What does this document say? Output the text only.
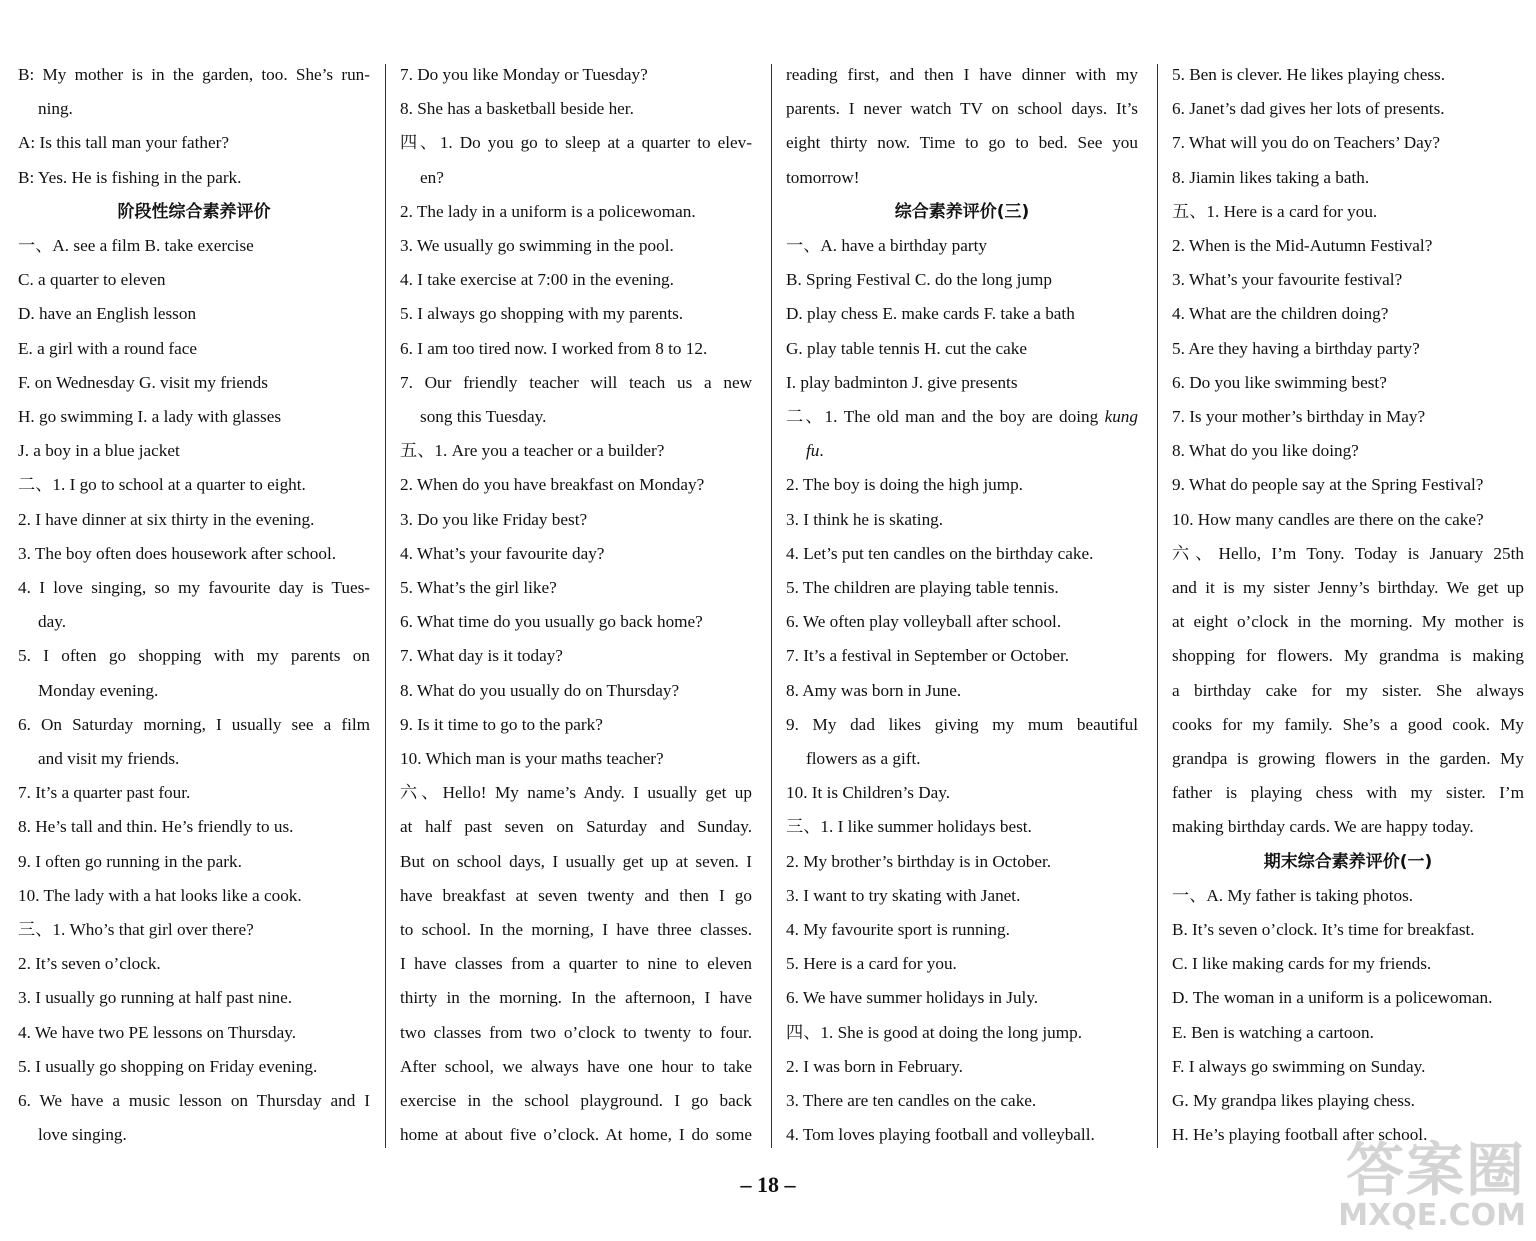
B: My mother is in the garden, too. She’s run-

ning.

A: Is this tall man your father?

B: Yes. He is fishing in the park.

阶段性综合素养评价

一、A. see a film B. take exercise

C. a quarter to eleven

D. have an English lesson

E. a girl with a round face

F. on Wednesday G. visit my friends

H. go swimming I. a lady with glasses

J. a boy in a blue jacket

二、1. I go to school at a quarter to eight.

2. I have dinner at six thirty in the evening.

3. The boy often does housework after school.

4. I love singing, so my favourite day is Tues-

day.

5. I often go shopping with my parents on

Monday evening.

6. On Saturday morning, I usually see a film

and visit my friends.

7. It’s a quarter past four.

8. He’s tall and thin. He’s friendly to us.

9. I often go running in the park.

10. The lady with a hat looks like a cook.

三、1. Who’s that girl over there?

2. It’s seven o’clock.

3. I usually go running at half past nine.

4. We have two PE lessons on Thursday.

5. I usually go shopping on Friday evening.

6. We have a music lesson on Thursday and I

love singing.

7. Do you like Monday or Tuesday?

8. She has a basketball beside her.

四、1. Do you go to sleep at a quarter to elev-

en?

2. The lady in a uniform is a policewoman.

3. We usually go swimming in the pool.

4. I take exercise at 7:00 in the evening.

5. I always go shopping with my parents.

6. I am too tired now. I worked from 8 to 12.

7. Our friendly teacher will teach us a new

song this Tuesday.

五、1. Are you a teacher or a builder?

2. When do you have breakfast on Monday?

3. Do you like Friday best?

4. What’s your favourite day?

5. What’s the girl like?

6. What time do you usually go back home?

7. What day is it today?

8. What do you usually do on Thursday?

9. Is it time to go to the park?

10. Which man is your maths teacher?

六、Hello! My name’s Andy. I usually get up

at half past seven on Saturday and Sunday.

But on school days, I usually get up at seven. I

have breakfast at seven twenty and then I go

to school. In the morning, I have three classes.

I have classes from a quarter to nine to eleven

thirty in the morning. In the afternoon, I have

two classes from two o’clock to twenty to four.

After school, we always have one hour to take

exercise in the school playground. I go back

home at about five o’clock. At home, I do some

reading first, and then I have dinner with my

parents. I never watch TV on school days. It’s

eight thirty now. Time to go to bed. See you

tomorrow!

综合素养评价(三)

一、A. have a birthday party

B. Spring Festival C. do the long jump

D. play chess E. make cards F. take a bath

G. play table tennis H. cut the cake

I. play badminton J. give presents

二、1. The old man and the boy are doing kung

fu.

2. The boy is doing the high jump.

3. I think he is skating.

4. Let’s put ten candles on the birthday cake.

5. The children are playing table tennis.

6. We often play volleyball after school.

7. It’s a festival in September or October.

8. Amy was born in June.

9. My dad likes giving my mum beautiful

flowers as a gift.

10. It is Children’s Day.

三、1. I like summer holidays best.

2. My brother’s birthday is in October.

3. I want to try skating with Janet.

4. My favourite sport is running.

5. Here is a card for you.

6. We have summer holidays in July.

四、1. She is good at doing the long jump.

2. I was born in February.

3. There are ten candles on the cake.

4. Tom loves playing football and volleyball.

5. Ben is clever. He likes playing chess.

6. Janet’s dad gives her lots of presents.

7. What will you do on Teachers’ Day?

8. Jiamin likes taking a bath.

五、1. Here is a card for you.

2. When is the Mid-Autumn Festival?

3. What’s your favourite festival?

4. What are the children doing?

5. Are they having a birthday party?

6. Do you like swimming best?

7. Is your mother’s birthday in May?

8. What do you like doing?

9. What do people say at the Spring Festival?

10. How many candles are there on the cake?

六、Hello, I’m Tony. Today is January 25th

and it is my sister Jenny’s birthday. We get up

at eight o’clock in the morning. My mother is

shopping for flowers. My grandma is making

a birthday cake for my sister. She always

cooks for my family. She’s a good cook. My

grandpa is growing flowers in the garden. My

father is playing chess with my sister. I’m

making birthday cards. We are happy today.

期末综合素养评价(一)

一、A. My father is taking photos.

B. It’s seven o’clock. It’s time for breakfast.

C. I like making cards for my friends.

D. The woman in a uniform is a policewoman.

E. Ben is watching a cartoon.

F. I always go swimming on Sunday.

G. My grandpa likes playing chess.

H. He’s playing football after school.

– 18 –	答案圈
MXQE.COM
